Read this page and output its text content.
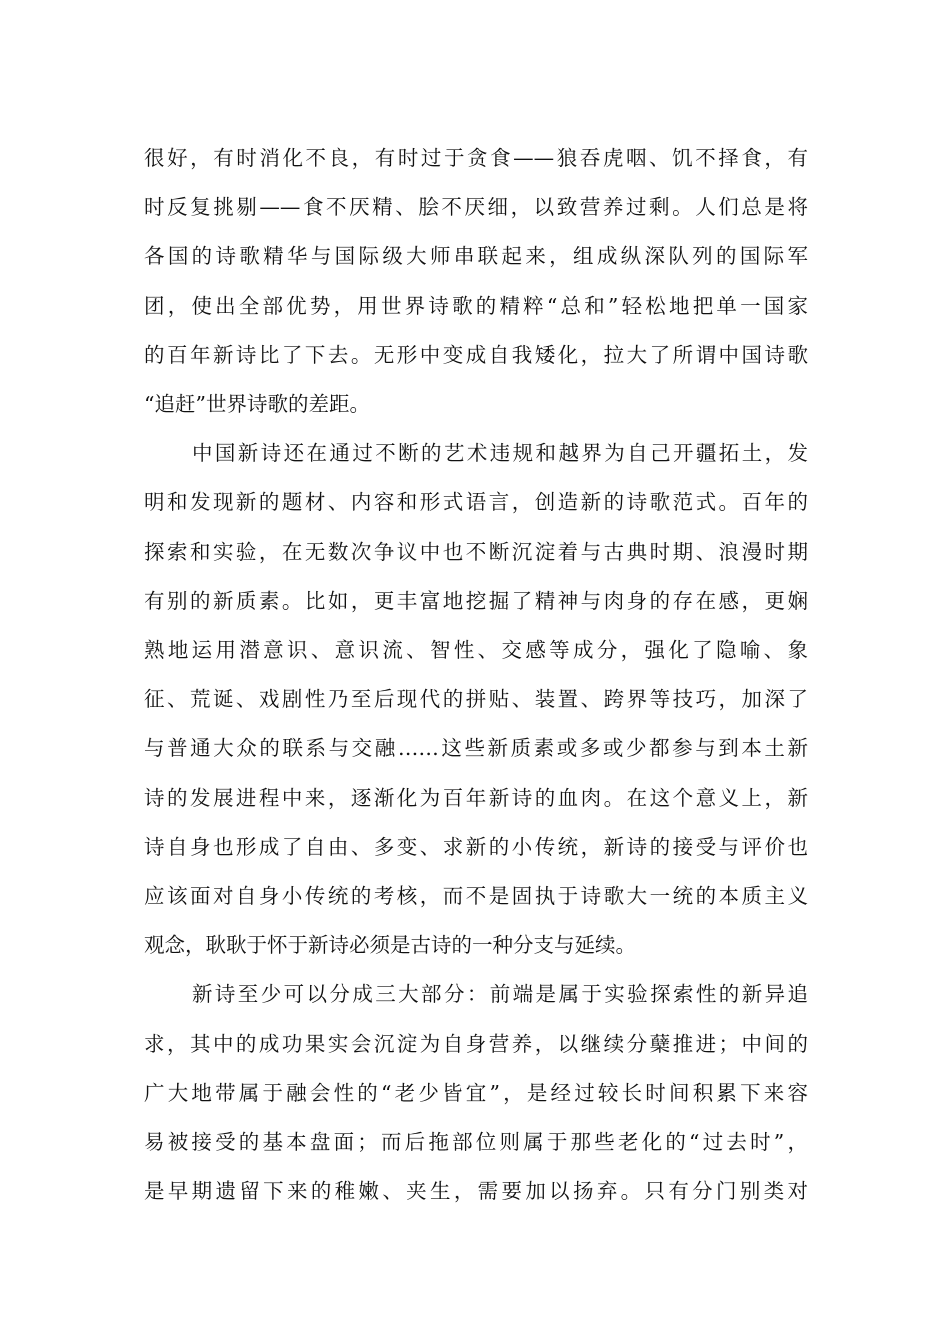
很好，有时消化不良，有时过于贪食——狼吞虎咽、饥不择食，有
时反复挑剔——食不厌精、脍不厌细，以致营养过剩。人们总是将
各国的诗歌精华与国际级大师串联起来，组成纵深队列的国际军
团，使出全部优势，用世界诗歌的精粹“总和”轻松地把单一国家
的百年新诗比了下去。无形中变成自我矮化，拉大了所谓中国诗歌
“追赶”世界诗歌的差距。
中国新诗还在通过不断的艺术违规和越界为自己开疆拓土，发
明和发现新的题材、内容和形式语言，创造新的诗歌范式。百年的
探索和实验，在无数次争议中也不断沉淀着与古典时期、浪漫时期
有别的新质素。比如，更丰富地挖掘了精神与肉身的存在感，更娴
熟地运用潜意识、意识流、智性、交感等成分，强化了隐喻、象
征、荒诞、戏剧性乃至后现代的拼贴、装置、跨界等技巧，加深了
与普通大众的联系与交融……这些新质素或多或少都参与到本土新
诗的发展进程中来，逐渐化为百年新诗的血肉。在这个意义上，新
诗自身也形成了自由、多变、求新的小传统，新诗的接受与评价也
应该面对自身小传统的考核，而不是固执于诗歌大一统的本质主义
观念，耿耿于怀于新诗必须是古诗的一种分支与延续。
新诗至少可以分成三大部分：前端是属于实验探索性的新异追
求，其中的成功果实会沉淀为自身营养，以继续分蘖推进；中间的
广大地带属于融会性的“老少皆宜”，是经过较长时间积累下来容
易被接受的基本盘面；而后拖部位则属于那些老化的“过去时”，
是早期遗留下来的稚嫩、夹生，需要加以扬弃。只有分门别类对
